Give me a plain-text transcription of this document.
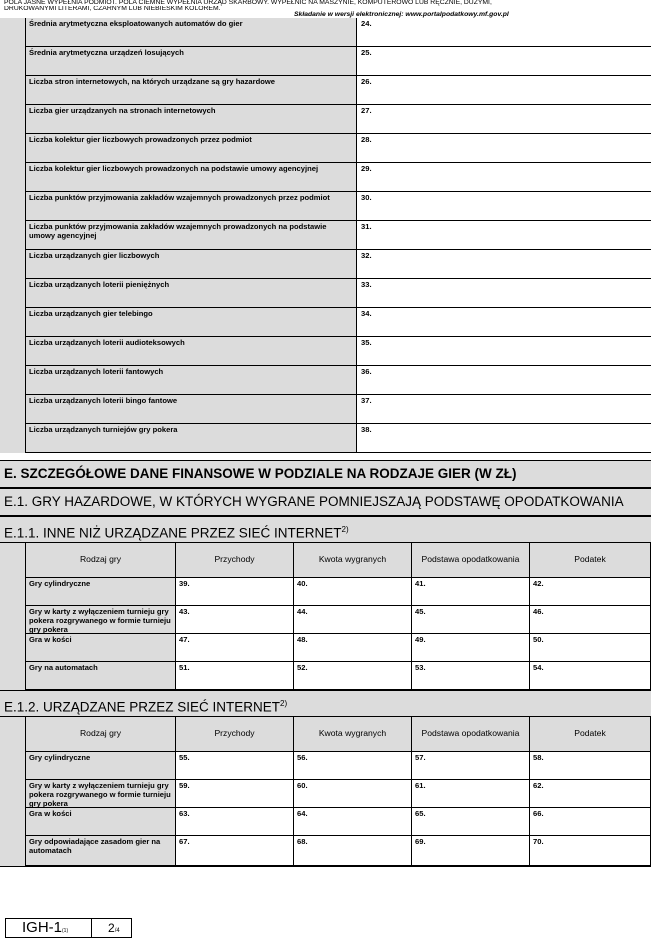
POLA JASNE WYPEŁNIA PODMIOT. POLA CIEMNE WYPEŁNIA URZĄD SKARBOWY. WYPEŁNIĆ NA MASZYNIE, KOMPUTEROWO LUB RĘCZNIE, DUŻYMI,
DRUKOWANYMI LITERAMI, CZARNYM LUB NIEBIESKIM KOLOREM.
Składanie w wersji elektronicznej: www.portalpodatkowy.mf.gov.pl
Średnia arytmetyczna eksploatowanych automatów do gier	24.
Średnia arytmetyczna urządzeń losujących	25.
Liczba stron internetowych, na których urządzane są gry hazardowe	26.
Liczba gier urządzanych na stronach internetowych	27.
Liczba kolektur gier liczbowych prowadzonych przez podmiot	28.
Liczba kolektur gier liczbowych prowadzonych na podstawie umowy agencyjnej	29.
Liczba punktów przyjmowania zakładów wzajemnych prowadzonych przez podmiot	30.
Liczba punktów przyjmowania zakładów wzajemnych prowadzonych na podstawie umowy agencyjnej
31.
Liczba urządzanych gier liczbowych	32.
Liczba urządzanych loterii pieniężnych	33.
Liczba urządzanych gier telebingo	34.
Liczba urządzanych loterii audioteksowych	35.
Liczba urządzanych loterii fantowych	36.
Liczba urządzanych loterii bingo fantowe	37.
Liczba urządzanych turniejów gry pokera	38.
E. SZCZEGÓŁOWE DANE FINANSOWE W PODZIALE NA RODZAJE GIER (W ZŁ)
E.1. GRY HAZARDOWE, W KTÓRYCH WYGRANE POMNIEJSZAJĄ PODSTAWĘ OPODATKOWANIA
E.1.1. INNE NIŻ URZĄDZANE PRZEZ SIEĆ INTERNET$^{2)}$
Rodzaj gry	Przychody	Kwota wygranych	Podstawa opodatkowania	Podatek
Gry cylindryczne	39.	40.	41.	42.
Gry w karty z wyłączeniem turnieju gry pokera rozgrywanego w formie turnieju gry pokera
43.	44.	45.	46.
Gra w kości	47.	48.	49.	50.
Gry na automatach	51.	52.	53.	54.
E.1.2. URZĄDZANE PRZEZ SIEĆ INTERNET$^{2)}$
Rodzaj gry	Przychody	Kwota wygranych	Podstawa opodatkowania	Podatek
Gry cylindryczne	55.	56.	57.	58.
Gry w karty z wyłączeniem turnieju gry pokera rozgrywanego w formie turnieju gry pokera
59.	60.	61.	62.
Gra w kości	63.	64.	65.	66.
Gry odpowiadające zasadom gier na automatach
67.	68.	69.	70.
IGH-1(1)	2/4
